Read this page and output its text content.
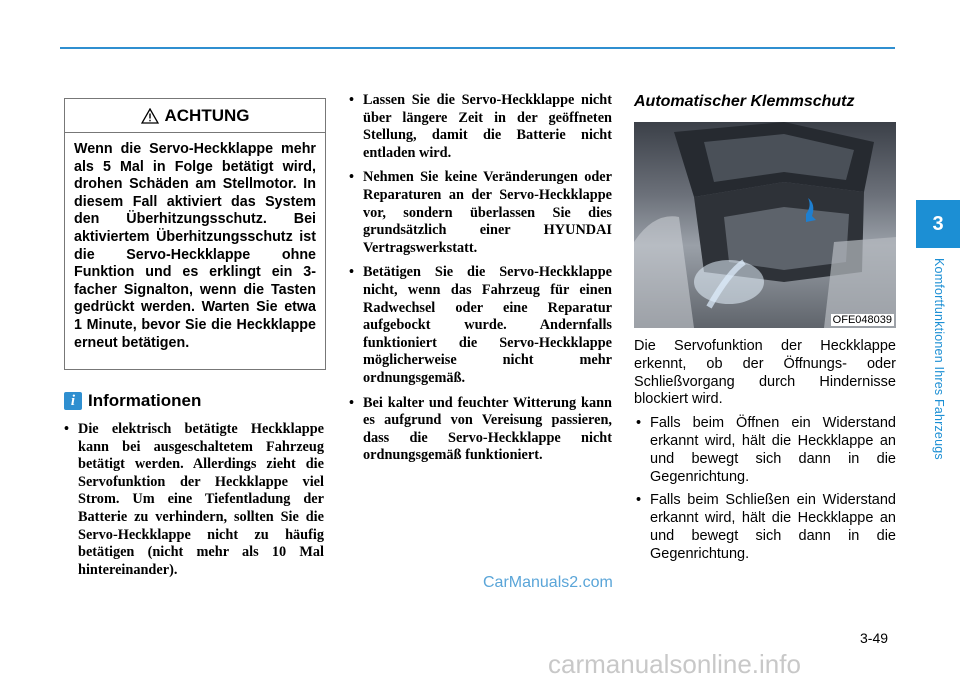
3
Komfortfunktionen Ihres Fahrzeugs
ACHTUNG
Wenn die Servo-Heckklappe mehr als 5 Mal in Folge betätigt wird, drohen Schäden am Stellmotor. In diesem Fall aktiviert das System den Überhitzungsschutz. Bei aktiviertem Überhitzungsschutz ist die Servo-Heckklappe ohne Funktion und es erklingt ein 3-facher Signalton, wenn die Tasten gedrückt werden. Warten Sie etwa 1 Minute, bevor Sie die Heckklappe erneut betätigen.
i Informationen
• Die elektrisch betätigte Heckklappe kann bei ausgeschaltetem Fahrzeug betätigt werden. Allerdings zieht die Servofunktion der Heckklappe viel Strom. Um eine Tiefentladung der Batterie zu verhindern, sollten Sie die Servo-Heckklappe nicht zu häufig betätigen (nicht mehr als 10 Mal hintereinander).
• Lassen Sie die Servo-Heckklappe nicht über längere Zeit in der geöffneten Stellung, damit die Batterie nicht entladen wird.
• Nehmen Sie keine Veränderungen oder Reparaturen an der Servo-Heckklappe vor, sondern überlassen Sie dies grundsätzlich einer HYUNDAI Vertragswerkstatt.
• Betätigen Sie die Servo-Heckklappe nicht, wenn das Fahrzeug für einen Radwechsel oder eine Reparatur aufgebockt wurde. Andernfalls funktioniert die Servo-Heckklappe möglicherweise nicht mehr ordnungsgemäß.
• Bei kalter und feuchter Witterung kann es aufgrund von Vereisung passieren, dass die Servo-Heckklappe nicht ordnungsgemäß funktioniert.
Automatischer Klemmschutz
OFE048039

Die Servofunktion der Heckklappe erkennt, ob der Öffnungs- oder Schließvorgang durch Hindernisse blockiert wird.

• Falls beim Öffnen ein Widerstand erkannt wird, hält die Heckklappe an und bewegt sich dann in die Gegenrichtung.
• Falls beim Schließen ein Widerstand erkannt wird, hält die Heckklappe an und bewegt sich dann in die Gegenrichtung.
CarManuals2.com
3-49
carmanualsonline.info
